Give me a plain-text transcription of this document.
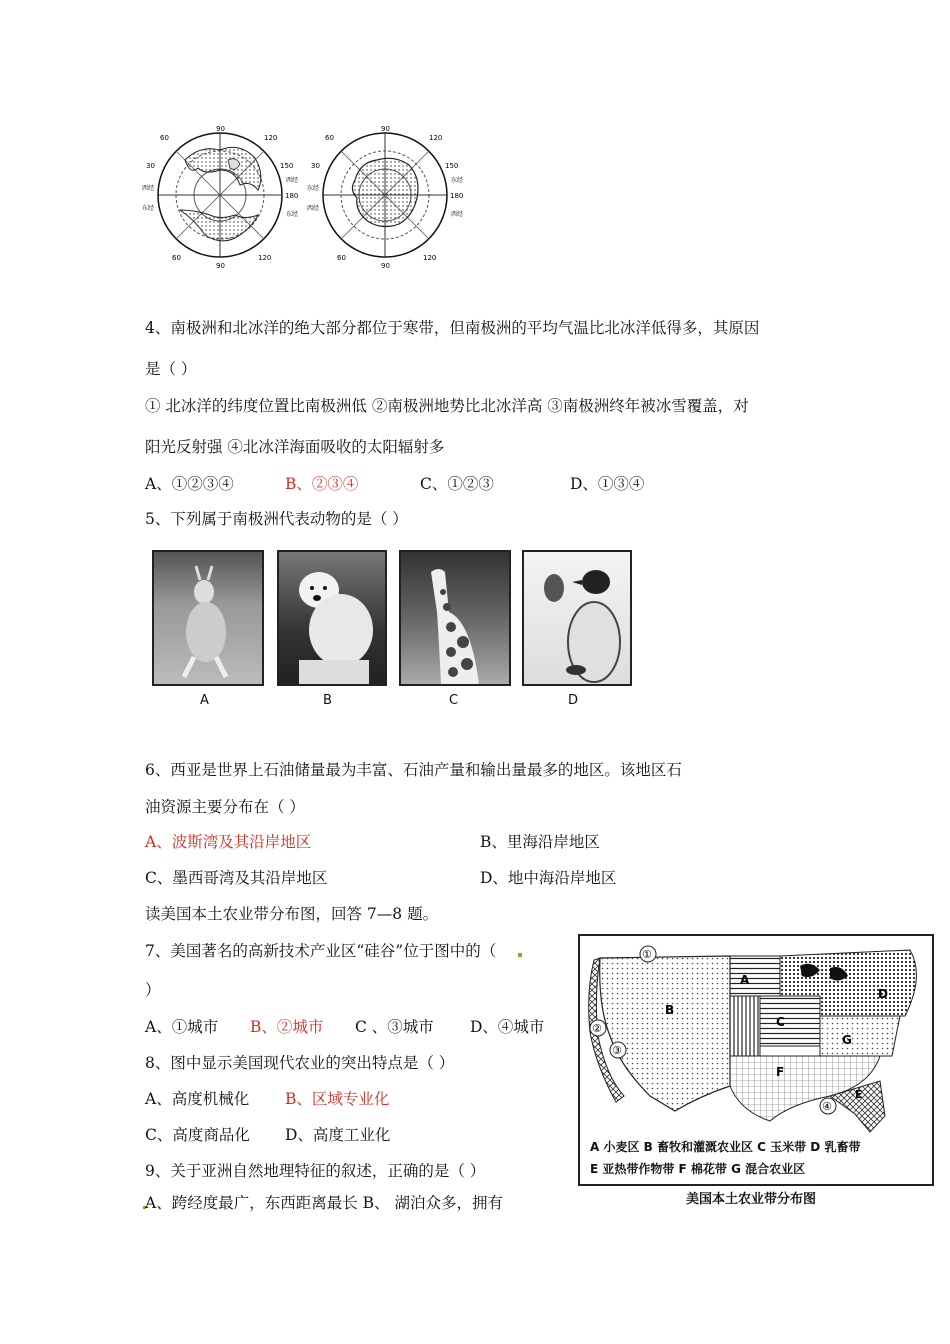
90
120
150
180
60
90
120
60
30
西经
东经
西经
东经
90
120
150
180
60
90
120
60
30
东经
西经
东经
西经
4、南极洲和北冰洋的绝大部分都位于寒带，但南极洲的平均气温比北冰洋低得多，其原因
是（ ）
① 北冰洋的纬度位置比南极洲低 ②南极洲地势比北冰洋高 ③南极洲终年被冰雪覆盖，对
阳光反射强 ④北冰洋海面吸收的太阳辐射多
A、①②③④	B、②③④	C、①②③	D、①③④
5、下列属于南极洲代表动物的是（ ）
A	B	C	D
6、西亚是世界上石油储量最为丰富、石油产量和输出量最多的地区。该地区石
油资源主要分布在（ ）
A、波斯湾及其沿岸地区	B、里海沿岸地区
C、墨西哥湾及其沿岸地区	D、地中海沿岸地区
读美国本土农业带分布图，回答 7—8 题。
7、美国著名的高新技术产业区“硅谷”位于图中的（
）
A、①城市 B、②城市 C 、③城市 D、④城市
8、图中显示美国现代农业的突出特点是（ ）
A、高度机械化 B、区域专业化
C、高度商品化 D、高度工业化
9、关于亚洲自然地理特征的叙述，正确的是（ ）
A、跨经度最广，东西距离最长 B、 湖泊众多，拥有
A
B
C
D
E
F
G
①
②
③
④
A 小麦区 B 畜牧和灌溉农业区 C 玉米带 D 乳畜带
E 亚热带作物带 F 棉花带 G 混合农业区
美国本土农业带分布图
